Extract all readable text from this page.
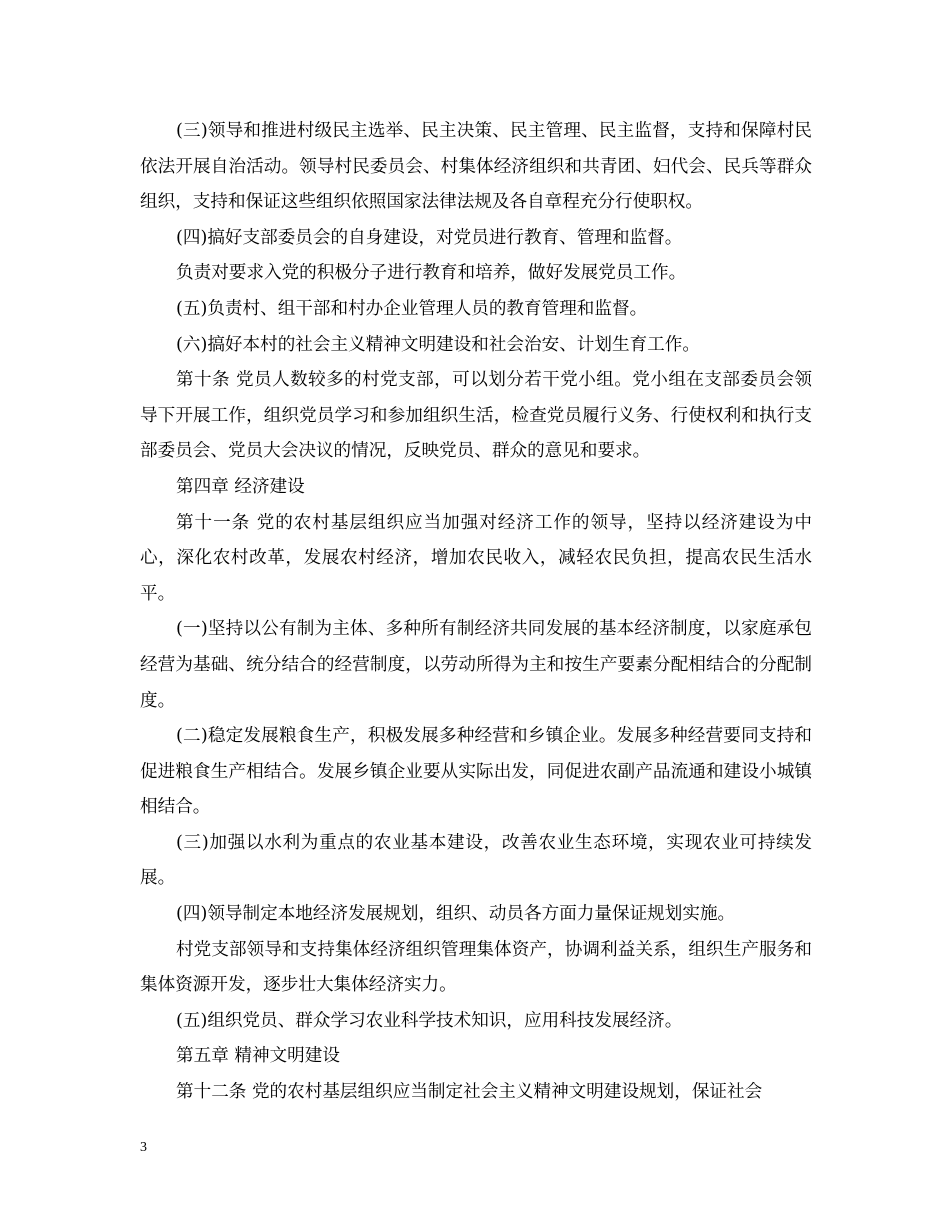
(三)领导和推进村级民主选举、民主决策、民主管理、民主监督，支持和保障村民依法开展自治活动。领导村民委员会、村集体经济组织和共青团、妇代会、民兵等群众组织，支持和保证这些组织依照国家法律法规及各自章程充分行使职权。

(四)搞好支部委员会的自身建设，对党员进行教育、管理和监督。

负责对要求入党的积极分子进行教育和培养，做好发展党员工作。

(五)负责村、组干部和村办企业管理人员的教育管理和监督。

(六)搞好本村的社会主义精神文明建设和社会治安、计划生育工作。

第十条 党员人数较多的村党支部，可以划分若干党小组。党小组在支部委员会领导下开展工作，组织党员学习和参加组织生活，检查党员履行义务、行使权利和执行支部委员会、党员大会决议的情况，反映党员、群众的意见和要求。

第四章 经济建设

第十一条 党的农村基层组织应当加强对经济工作的领导，坚持以经济建设为中心，深化农村改革，发展农村经济，增加农民收入，减轻农民负担，提高农民生活水平。

(一)坚持以公有制为主体、多种所有制经济共同发展的基本经济制度，以家庭承包经营为基础、统分结合的经营制度，以劳动所得为主和按生产要素分配相结合的分配制度。

(二)稳定发展粮食生产，积极发展多种经营和乡镇企业。发展多种经营要同支持和促进粮食生产相结合。发展乡镇企业要从实际出发，同促进农副产品流通和建设小城镇相结合。

(三)加强以水利为重点的农业基本建设，改善农业生态环境，实现农业可持续发展。

(四)领导制定本地经济发展规划，组织、动员各方面力量保证规划实施。

村党支部领导和支持集体经济组织管理集体资产，协调利益关系，组织生产服务和集体资源开发，逐步壮大集体经济实力。

(五)组织党员、群众学习农业科学技术知识，应用科技发展经济。

第五章 精神文明建设

第十二条 党的农村基层组织应当制定社会主义精神文明建设规划，保证社会

3
